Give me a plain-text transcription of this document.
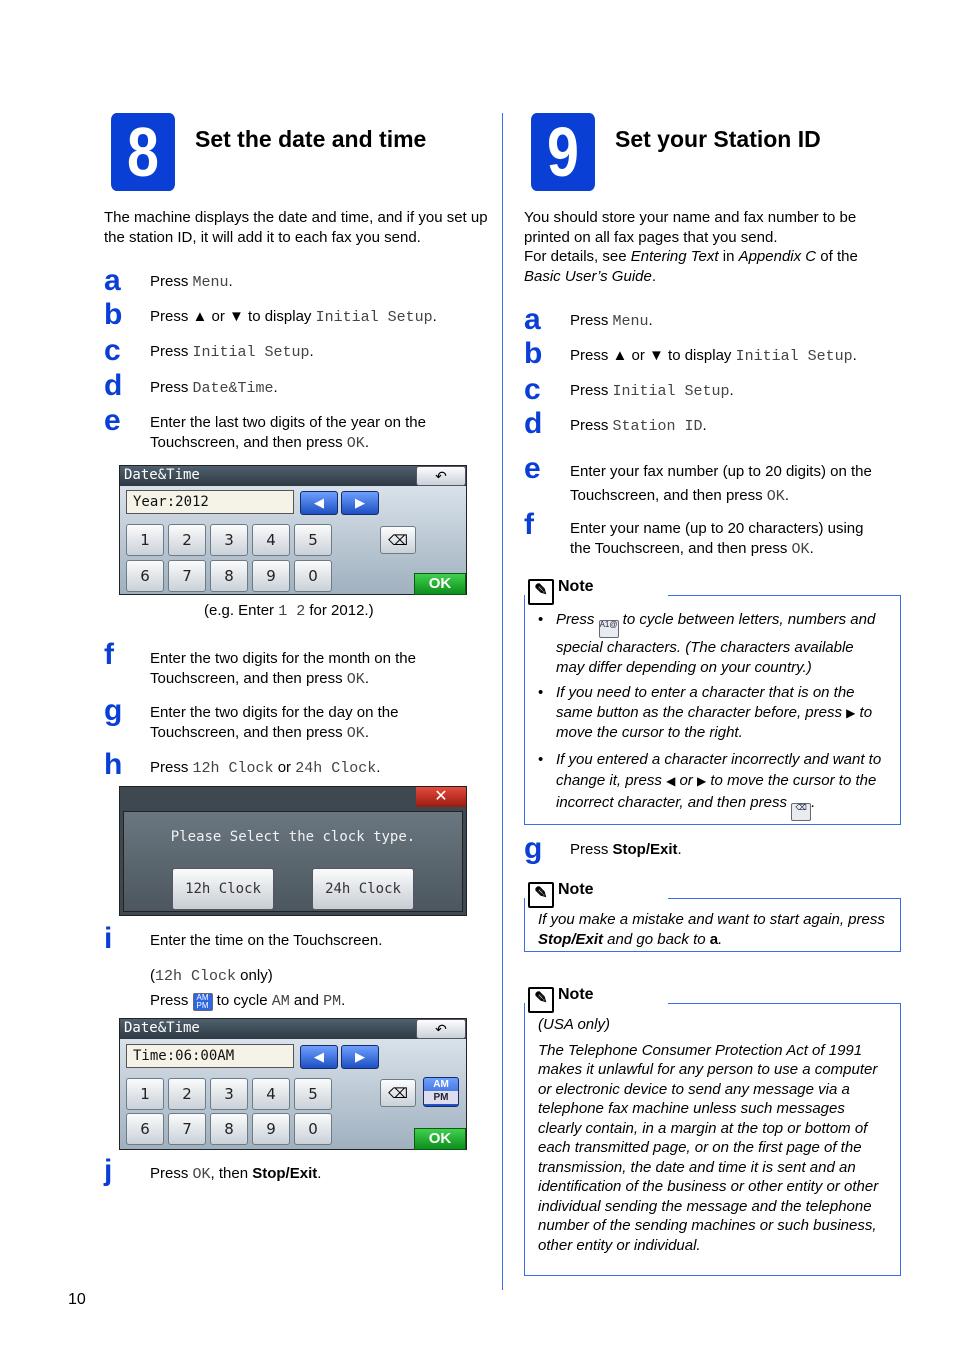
8	Set the date and time
The machine displays the date and time, and if you set up the station ID, it will add it to each fax you send.
a Press Menu.
b Press ▲ or ▼ to display Initial Setup.
c Press Initial Setup.
d Press Date&Time.
e Enter the last two digits of the year on the
Touchscreen, and then press OK.
Date&Time	↶
Year:2012	◀	▶
1	2	3	4	5
6	7	8	9	0
⌫
OK
(e.g. Enter 1 2 for 2012.)
f Enter the two digits for the month on the
Touchscreen, and then press OK.
g Enter the two digits for the day on the
Touchscreen, and then press OK.
h Press 12h Clock or 24h Clock.
✕
Please Select the clock type.
12h Clock	24h Clock
i	Enter the time on the Touchscreen.
(12h Clock only)
Press AM
PM to cycle AM and PM.
Date&Time	↶
Time:06:00AM	◀	▶
1	2	3	4	5
6	7	8	9	0
⌫
AM
PM
OK
j	Press OK, then Stop/Exit.
10
9	Set your Station ID
You should store your name and fax number to be printed on all fax pages that you send.
For details, see Entering Text in Appendix C of the
Basic User’s Guide.
a Press Menu.
b Press ▲ or ▼ to display Initial Setup.
c Press Initial Setup.
d Press Station ID.
e Enter your fax number (up to 20 digits) on the
Touchscreen, and then press OK.
f Enter your name (up to 20 characters) using
the Touchscreen, and then press OK.
✎ Note
• Press A1@ to cycle between letters, numbers and special characters. (The characters available may differ depending on your country.)
• If you need to enter a character that is on the same button as the character before, press ▶ to move the cursor to the right.
• If you entered a character incorrectly and want to change it, press ◀ or ▶ to move the cursor to the incorrect character, and then press ⌫ .
g Press Stop/Exit.
✎ Note
If you make a mistake and want to start again, press Stop/Exit and go back to a.
✎ Note
(USA only)
The Telephone Consumer Protection Act of 1991 makes it unlawful for any person to use a computer or electronic device to send any message via a telephone fax machine unless such messages clearly contain, in a margin at the top or bottom of each transmitted page, or on the first page of the transmission, the date and time it is sent and an identification of the business or other entity or other individual sending the message and the telephone number of the sending machines or such business, other entity or individual.
